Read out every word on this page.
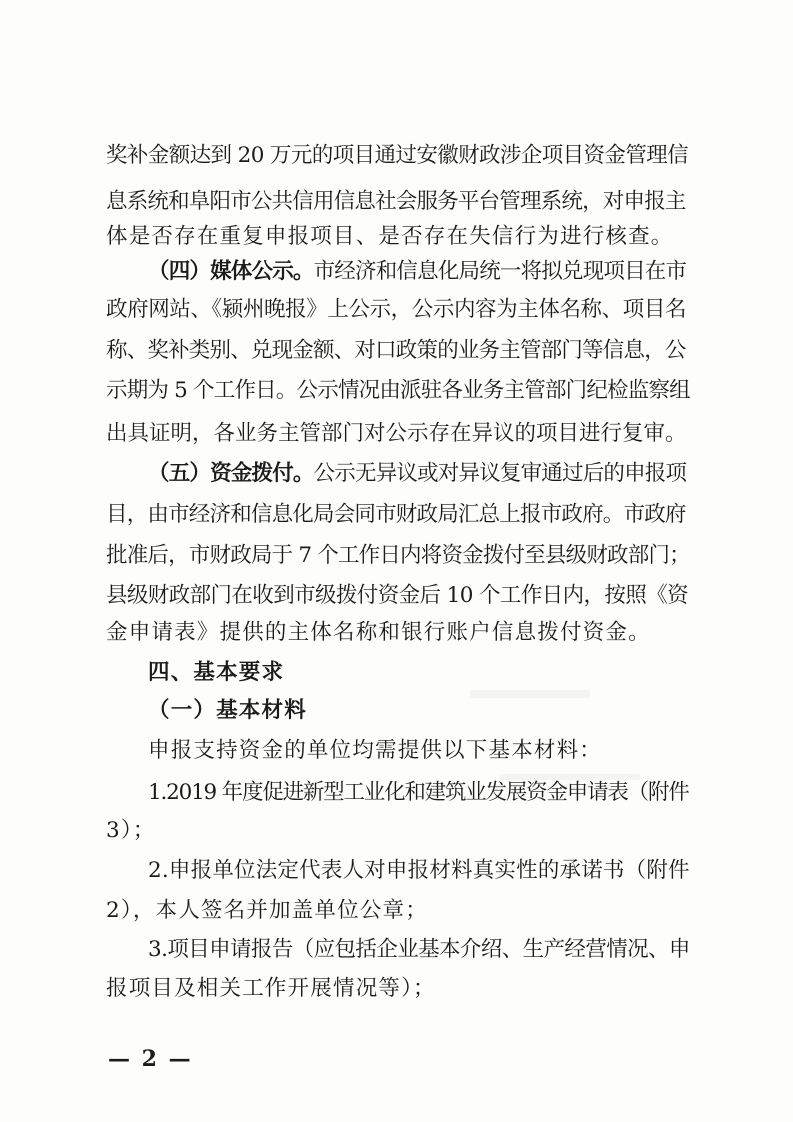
奖补金额达到 20 万元的项目通过安徽财政涉企项目资金管理信
息系统和阜阳市公共信用信息社会服务平台管理系统，对申报主
体是否存在重复申报项目、是否存在失信行为进行核查。
（四）媒体公示。市经济和信息化局统一将拟兑现项目在市
政府网站、《颍州晚报》上公示，公示内容为主体名称、项目名
称、奖补类别、兑现金额、对口政策的业务主管部门等信息，公
示期为 5 个工作日。公示情况由派驻各业务主管部门纪检监察组
出具证明，各业务主管部门对公示存在异议的项目进行复审。
（五）资金拨付。公示无异议或对异议复审通过后的申报项
目，由市经济和信息化局会同市财政局汇总上报市政府。市政府
批准后，市财政局于 7 个工作日内将资金拨付至县级财政部门；
县级财政部门在收到市级拨付资金后 10 个工作日内，按照《资
金申请表》提供的主体名称和银行账户信息拨付资金。
四、基本要求
（一）基本材料
申报支持资金的单位均需提供以下基本材料：
1.2019 年度促进新型工业化和建筑业发展资金申请表（附件
3）；
2.申报单位法定代表人对申报材料真实性的承诺书（附件
2），本人签名并加盖单位公章；
3.项目申请报告（应包括企业基本介绍、生产经营情况、申
报项目及相关工作开展情况等）；
— 2 —
